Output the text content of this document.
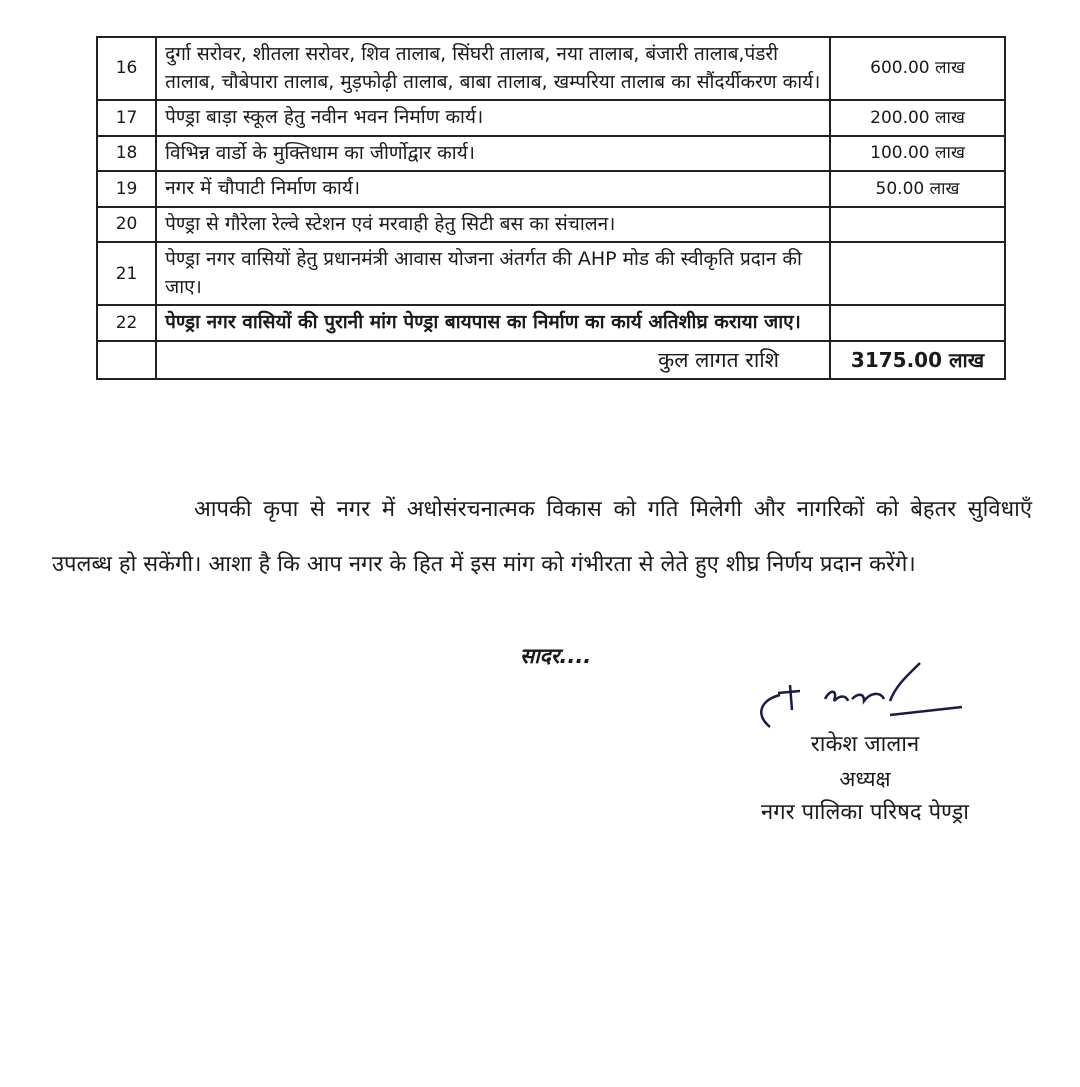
16	दुर्गा सरोवर, शीतला सरोवर, शिव तालाब, सिंघरी तालाब, नया तालाब, बंजारी तालाब,पंडरी तालाब, चौबेपारा तालाब, मुड़फोढ़ी तालाब, बाबा तालाब, खम्परिया तालाब का सौंदर्यीकरण कार्य।	600.00 लाख
17	पेण्ड्रा बाड़ा स्कूल हेतु नवीन भवन निर्माण कार्य।	200.00 लाख
18	विभिन्न वार्डो के मुक्तिधाम का जीर्णोद्वार कार्य।	100.00 लाख
19	नगर में चौपाटी निर्माण कार्य।	50.00 लाख
20	पेण्ड्रा से गौरेला रेल्वे स्टेशन एवं मरवाही हेतु सिटी बस का संचालन।	
21	पेण्ड्रा नगर वासियों हेतु प्रधानमंत्री आवास योजना अंतर्गत की AHP मोड की स्वीकृति प्रदान की जाए।	
22	पेण्ड्रा नगर वासियों की पुरानी मांग पेण्ड्रा बायपास का निर्माण का कार्य अतिशीघ्र कराया जाए।	
	कुल लागत राशि	3175.00 लाख
आपकी कृपा से नगर में अधोसंरचनात्मक विकास को गति मिलेगी और नागरिकों को बेहतर सुविधाएँ उपलब्ध हो सकेंगी। आशा है कि आप नगर के हित में इस मांग को गंभीरता से लेते हुए शीघ्र निर्णय प्रदान करेंगे।
सादर....
राकेश जालान
अध्यक्ष
नगर पालिका परिषद पेण्ड्रा
